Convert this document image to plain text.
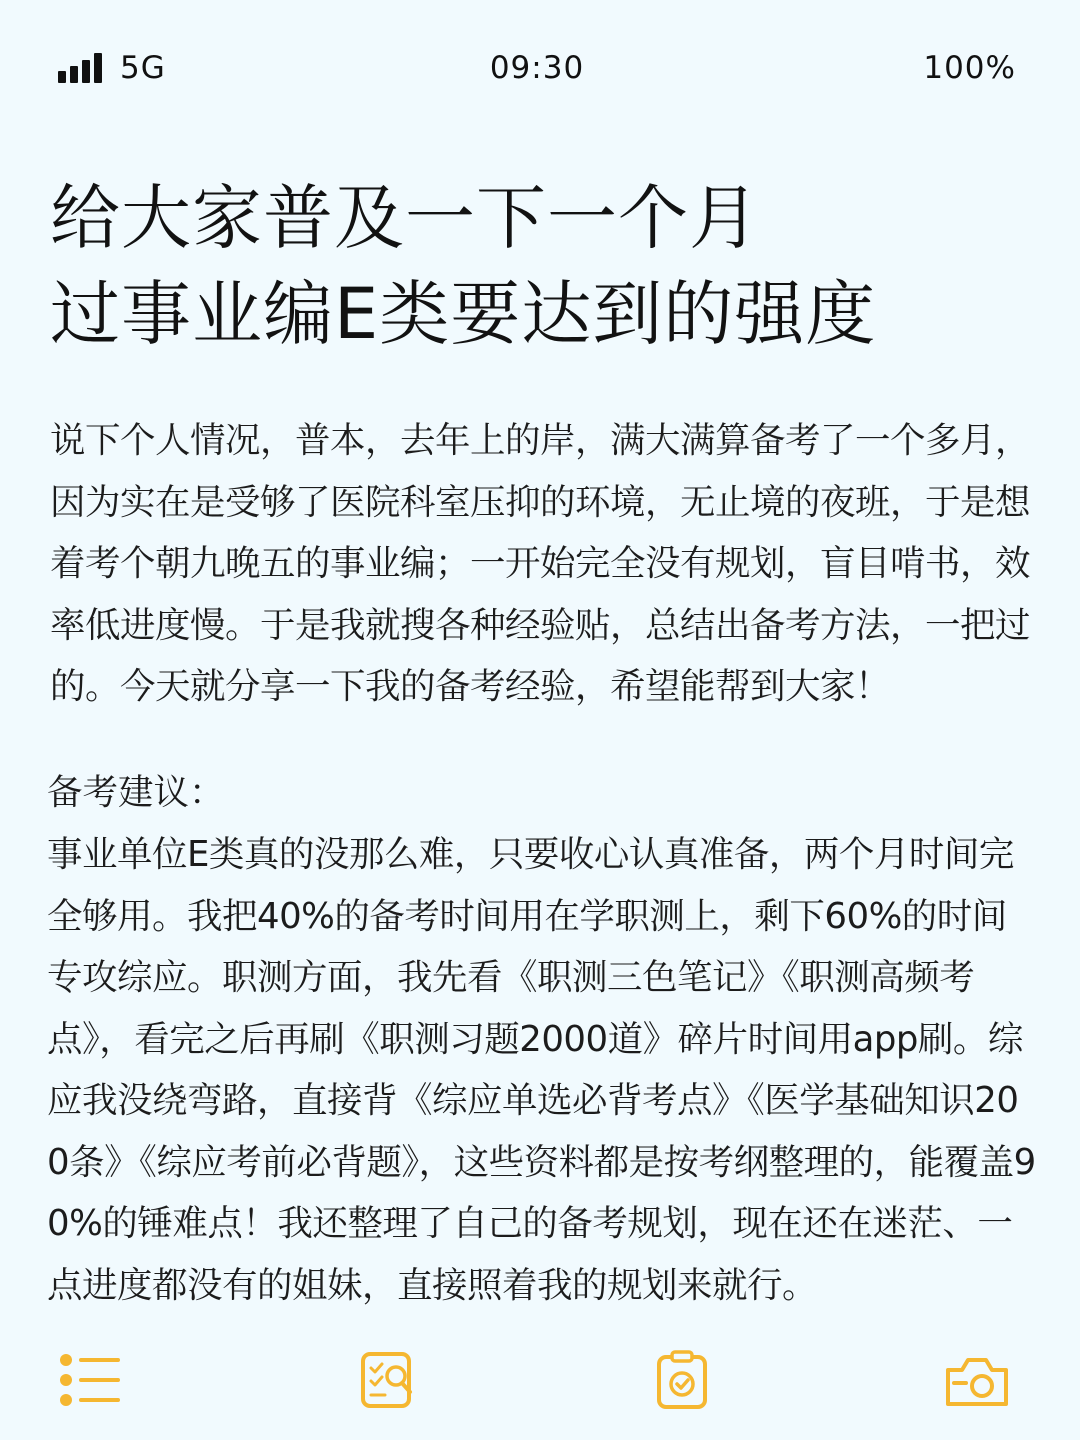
5G	09:30	100%
给大家普及一下一个月
过事业编E类要达到的强度

说下个人情况，普本，去年上的岸，满大满算备考了一个多月，因为实在是受够了医院科室压抑的环境，无止境的夜班，于是想着考个朝九晚五的事业编；一开始完全没有规划，盲目啃书，效率低进度慢。于是我就搜各种经验贴，总结出备考方法，一把过的。今天就分享一下我的备考经验，希望能帮到大家！

备考建议：

事业单位E类真的没那么难，只要收心认真准备，两个月时间完全够用。我把40%的备考时间用在学职测上，剩下60%的时间专攻综应。职测方面，我先看《职测三色笔记》《职测高频考点》，看完之后再刷《职测习题2000道》碎片时间用app刷。综应我没绕弯路，直接背《综应单选必背考点》《医学基础知识200条》《综应考前必背题》，这些资料都是按考纲整理的，能覆盖90%的锤难点！我还整理了自己的备考规划，现在还在迷茫、一点进度都没有的姐妹，直接照着我的规划来就行。
